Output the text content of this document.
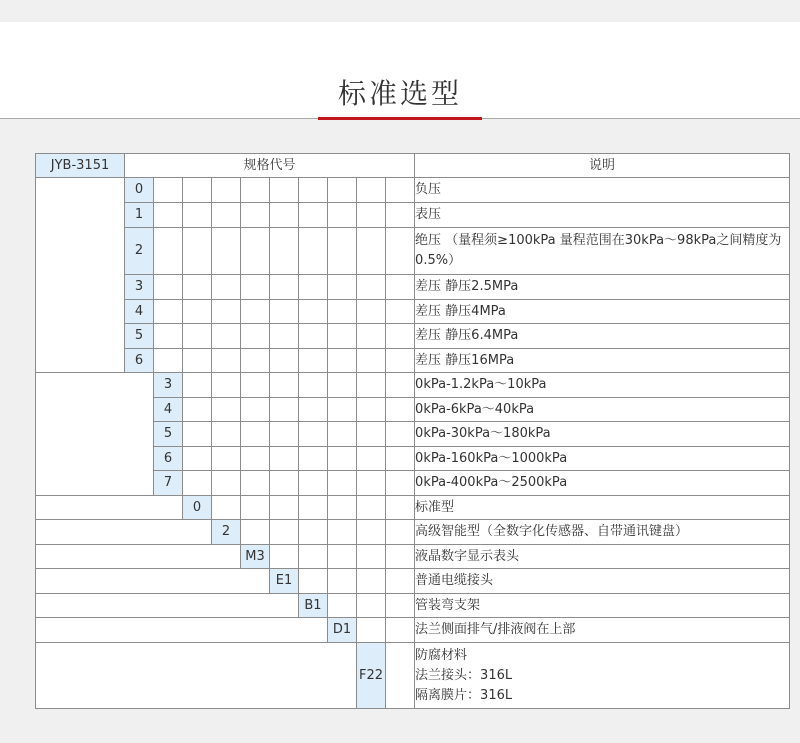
标准选型
JYB-3151	规格代号										说明
	0										负压
	1										表压
	2										绝压 （量程须≥100kPa 量程范围在30kPa～98kPa之间精度为0.5%）
	3										差压 静压2.5MPa
	4										差压 静压4MPa
	5										差压 静压6.4MPa
	6										差压 静压16MPa
		3									0kPa-1.2kPa～10kPa
		4									0kPa-6kPa～40kPa
		5									0kPa-30kPa～180kPa
		6									0kPa-160kPa～1000kPa
		7									0kPa-400kPa～2500kPa
			0								标准型
				2							高级智能型（全数字化传感器、自带通讯键盘）
					M3						液晶数字显示表头
						E1					普通电缆接头
							B1				管装弯支架
								D1			法兰侧面排气/排液阀在上部
									F22		防腐材料
法兰接头：316L
隔离膜片：316L
